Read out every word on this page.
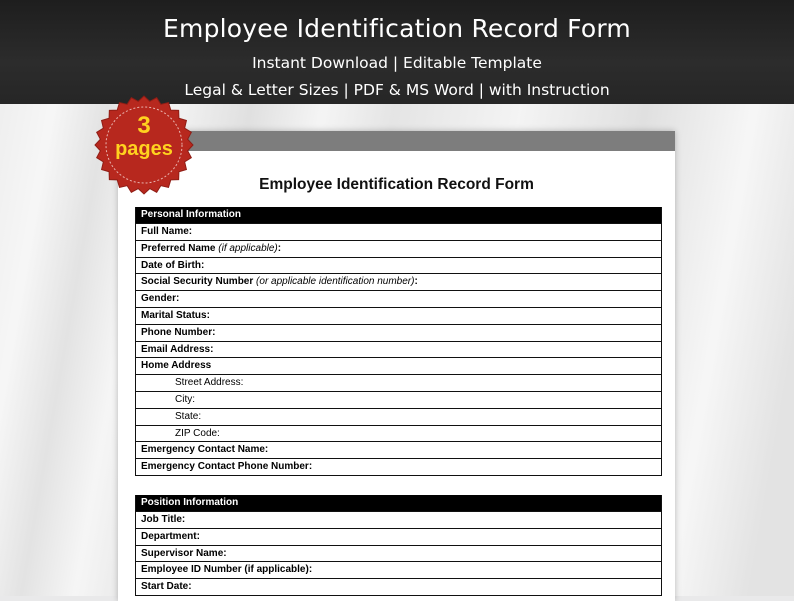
Employee Identification Record Form
Instant Download | Editable Template
Legal & Letter Sizes | PDF & MS Word | with Instruction
Employee Identification Record Form
Personal Information
Full Name:
Preferred Name (if applicable):
Date of Birth:
Social Security Number (or applicable identification number):
Gender:
Marital Status:
Phone Number:
Email Address:
Home Address
Street Address:
City:
State:
ZIP Code:
Emergency Contact Name:
Emergency Contact Phone Number:
Position Information
Job Title:
Department:
Supervisor Name:
Employee ID Number (if applicable):
Start Date:
3
pages
